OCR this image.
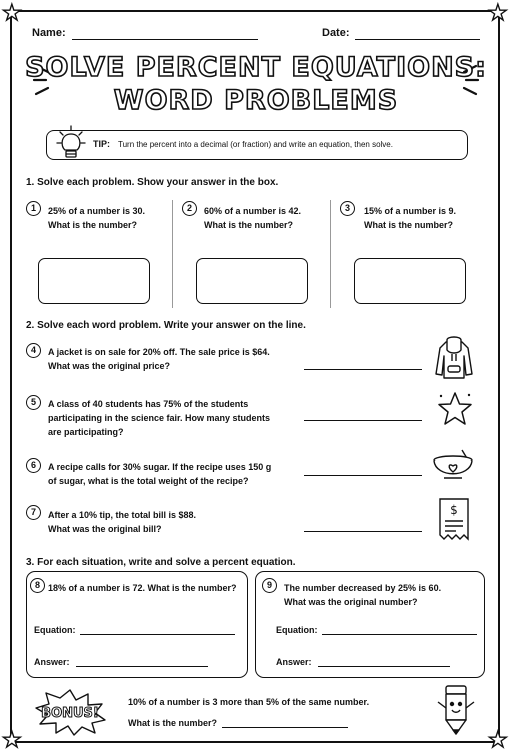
★	★
★	★
Name:	Date:
SOLVE PERCENT EQUATIONS:
WORD PROBLEMS
TIP: Turn the percent into a decimal (or fraction) and write an equation, then solve.
1. Solve each problem. Show your answer in the box.
1	25% of a number is 30.
What is the number?
2	60% of a number is 42.
What is the number?
3	15% of a number is 9.
What is the number?
2. Solve each word problem. Write your answer on the line.
4	A jacket is on sale for 20% off. The sale price is $64.
What was the original price?
5	A class of 40 students has 75% of the students
participating in the science fair. How many students
are participating?
6	A recipe calls for 30% sugar. If the recipe uses 150 g
of sugar, what is the total weight of the recipe?
7	After a 10% tip, the total bill is $88.
What was the original bill?
$
3. For each situation, write and solve a percent equation.
8 18% of a number is 72. What is the number?
Equation:
Answer:
9	The number decreased by 25% is 60.
What was the original number?
Equation:
Answer:
BONUS!
10% of a number is 3 more than 5% of the same number.
What is the number?
